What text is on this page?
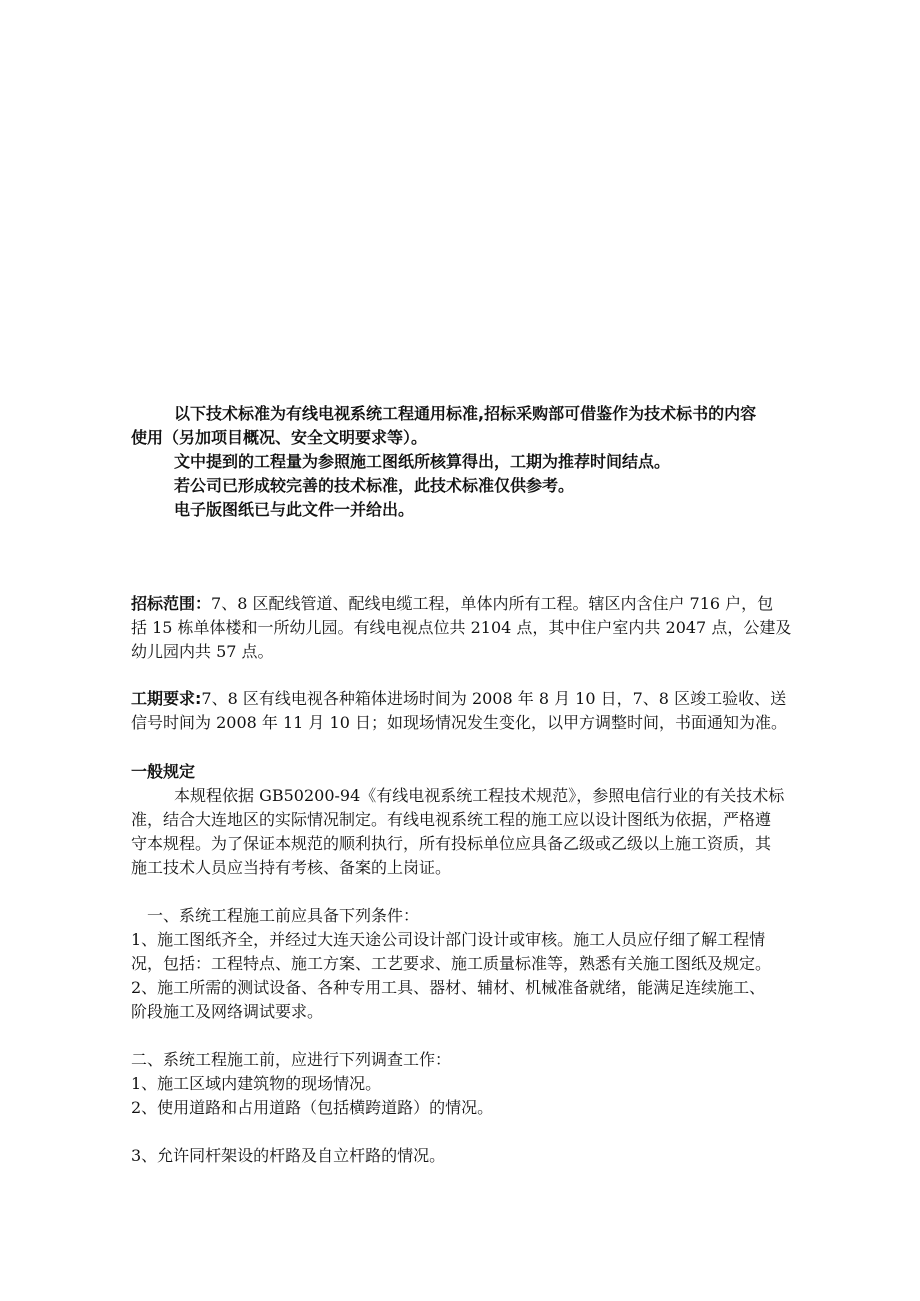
以下技术标准为有线电视系统工程通用标准,招标采购部可借鉴作为技术标书的内容
使用（另加项目概况、安全文明要求等）。
文中提到的工程量为参照施工图纸所核算得出，工期为推荐时间结点。
若公司已形成较完善的技术标准，此技术标准仅供参考。
电子版图纸已与此文件一并给出。
招标范围：7、8 区配线管道、配线电缆工程，单体内所有工程。辖区内含住户 716 户，包
括 15 栋单体楼和一所幼儿园。有线电视点位共 2104 点，其中住户室内共 2047 点，公建及
幼儿园内共 57 点。
工期要求:7、8 区有线电视各种箱体进场时间为 2008 年 8 月 10 日，7、8 区竣工验收、送
信号时间为 2008 年 11 月 10 日；如现场情况发生变化，以甲方调整时间，书面通知为准。
一般规定
本规程依据 GB50200-94《有线电视系统工程技术规范》，参照电信行业的有关技术标
准，结合大连地区的实际情况制定。有线电视系统工程的施工应以设计图纸为依据，严格遵
守本规程。为了保证本规范的顺利执行，所有投标单位应具备乙级或乙级以上施工资质，其
施工技术人员应当持有考核、备案的上岗证。
一、系统工程施工前应具备下列条件：
1、施工图纸齐全，并经过大连天途公司设计部门设计或审核。施工人员应仔细了解工程情
况，包括：工程特点、施工方案、工艺要求、施工质量标准等，熟悉有关施工图纸及规定。
2、施工所需的测试设备、各种专用工具、器材、辅材、机械准备就绪，能满足连续施工、
阶段施工及网络调试要求。
二、系统工程施工前，应进行下列调查工作：
1、施工区域内建筑物的现场情况。
2、使用道路和占用道路（包括横跨道路）的情况。
3、允许同杆架设的杆路及自立杆路的情况。
